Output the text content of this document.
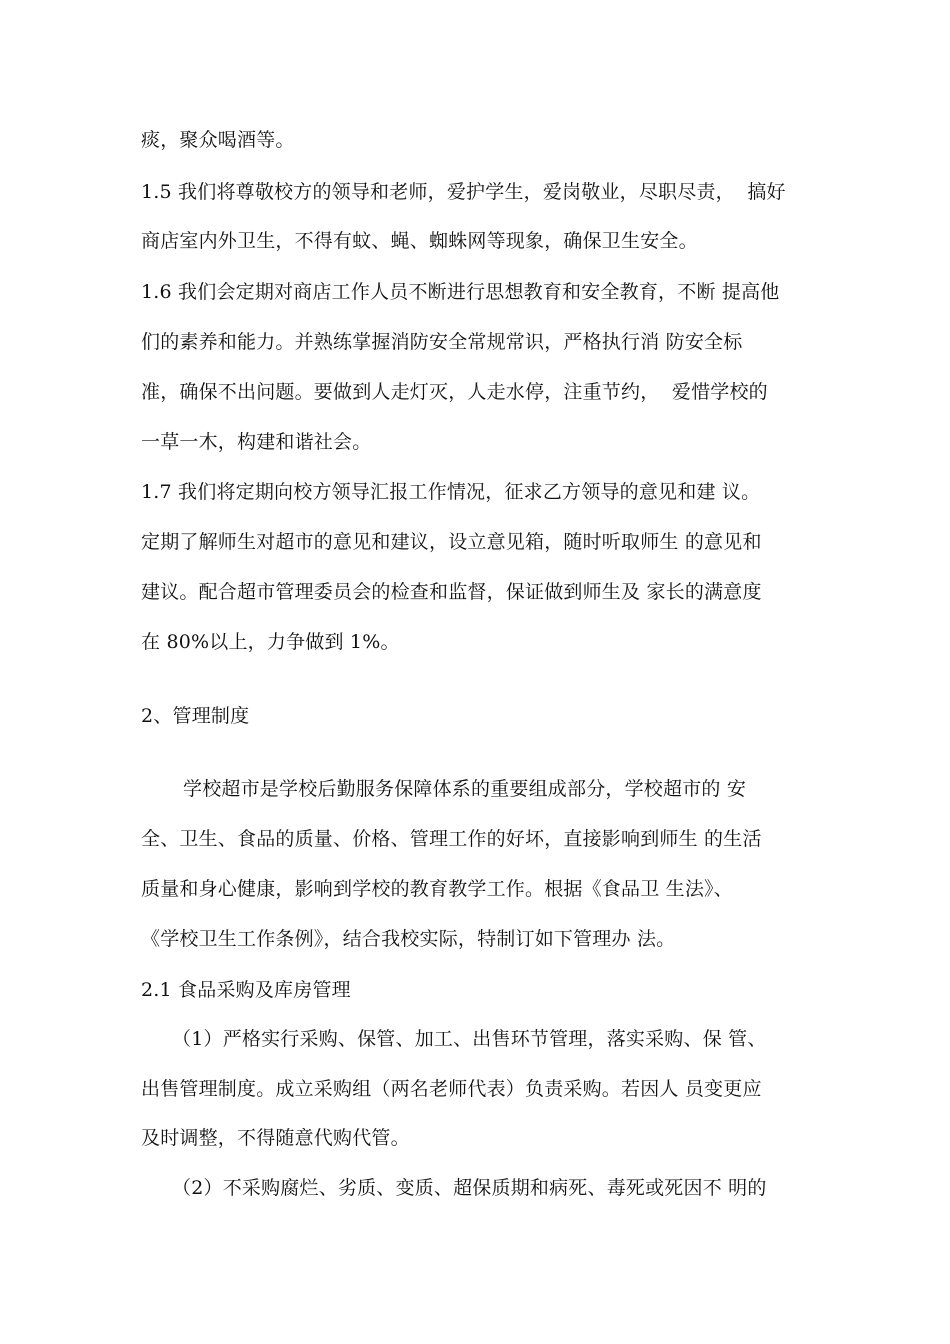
痰，聚众喝酒等。
1.5 我们将尊敬校方的领导和老师，爱护学生，爱岗敬业，尽职尽责，  搞好
商店室内外卫生，不得有蚊、蝇、蜘蛛网等现象，确保卫生安全。
1.6 我们会定期对商店工作人员不断进行思想教育和安全教育，不断 提高他
们的素养和能力。并熟练掌握消防安全常规常识，严格执行消 防安全标
准，确保不出问题。要做到人走灯灭，人走水停，注重节约，  爱惜学校的
一草一木，构建和谐社会。
1.7 我们将定期向校方领导汇报工作情况，征求乙方领导的意见和建 议。
定期了解师生对超市的意见和建议，设立意见箱，随时听取师生 的意见和
建议。配合超市管理委员会的检查和监督，保证做到师生及 家长的满意度
在 80%以上，力争做到 1%。
2、管理制度
学校超市是学校后勤服务保障体系的重要组成部分，学校超市的 安
全、卫生、食品的质量、价格、管理工作的好坏，直接影响到师生 的生活
质量和身心健康，影响到学校的教育教学工作。根据《食品卫 生法》、
《学校卫生工作条例》，结合我校实际，特制订如下管理办 法。
2.1 食品采购及库房管理
（1）严格实行采购、保管、加工、出售环节管理，落实采购、保 管、
出售管理制度。成立采购组（两名老师代表）负责采购。若因人 员变更应
及时调整，不得随意代购代管。
（2）不采购腐烂、劣质、变质、超保质期和病死、毒死或死因不 明的
